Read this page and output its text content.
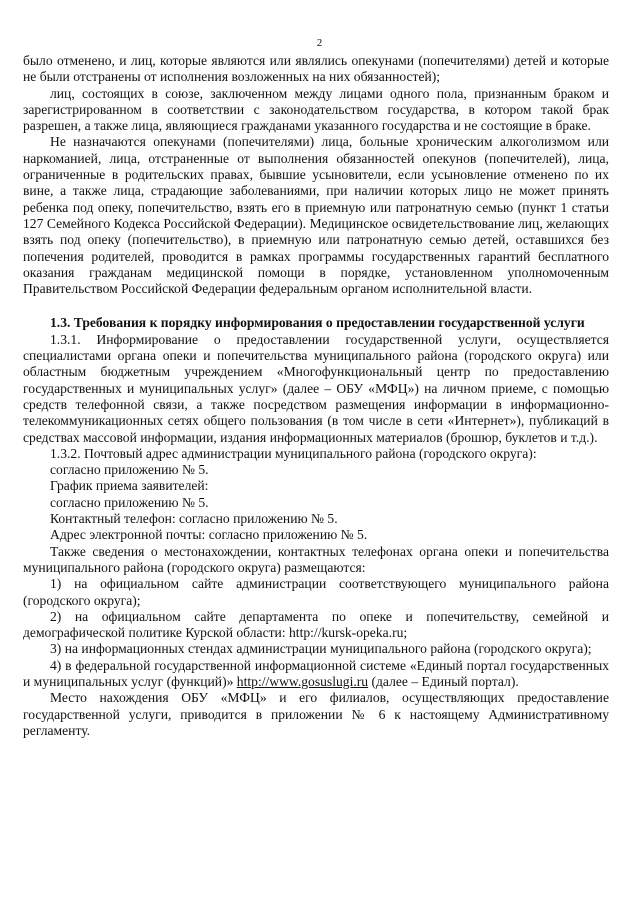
2

было отменено, и лиц, которые являются или являлись опекунами (попечителями) детей и которые не были отстранены от исполнения возложенных на них обязанностей);

лиц, состоящих в союзе, заключенном между лицами одного пола, признанным браком и зарегистрированном в соответствии с законодательством государства, в котором такой брак разрешен, а также лица, являющиеся гражданами указанного государства и не состоящие в браке.

Не назначаются опекунами (попечителями) лица, больные хроническим алкоголизмом или наркоманией, лица, отстраненные от выполнения обязанностей опекунов (попечителей), лица, ограниченные в родительских правах, бывшие усыновители, если усыновление отменено по их вине, а также лица, страдающие заболеваниями, при наличии которых лицо не может принять ребенка под опеку, попечительство, взять его в приемную или патронатную семью (пункт 1 статьи 127 Семейного Кодекса Российской Федерации). Медицинское освидетельствование лиц, желающих взять под опеку (попечительство), в приемную или патронатную семью детей, оставшихся без попечения родителей, проводится в рамках программы государственных гарантий бесплатного оказания гражданам медицинской помощи в порядке, установленном уполномоченным Правительством Российской Федерации федеральным органом исполнительной власти.

1.3. Требования к порядку информирования о предоставлении государственной услуги

1.3.1. Информирование о предоставлении государственной услуги, осуществляется специалистами органа опеки и попечительства муниципального района (городского округа) или областным бюджетным учреждением «Многофункциональный центр по предоставлению государственных и муниципальных услуг» (далее – ОБУ «МФЦ») на личном приеме, с помощью средств телефонной связи, а также посредством размещения информации в информационно-телекоммуникационных сетях общего пользования (в том числе в сети «Интернет»), публикаций в средствах массовой информации, издания информационных материалов (брошюр, буклетов и т.д.).

1.3.2. Почтовый адрес администрации муниципального района (городского округа):

согласно приложению № 5.

График приема заявителей:

согласно приложению № 5.

Контактный телефон: согласно приложению № 5.

Адрес электронной почты: согласно приложению № 5.

Также сведения о местонахождении, контактных телефонах органа опеки и попечительства муниципального района (городского округа) размещаются:

1) на официальном сайте администрации соответствующего муниципального района (городского округа);

2) на официальном сайте департамента по опеке и попечительству, семейной и демографической политике Курской области: http://kursk-opeka.ru;

3) на информационных стендах администрации муниципального района (городского округа);

4) в федеральной государственной информационной системе «Единый портал государственных и муниципальных услуг (функций)» http://www.gosuslugi.ru (далее – Единый портал).

Место нахождения ОБУ «МФЦ» и его филиалов, осуществляющих предоставление государственной услуги, приводится в приложении № 6 к настоящему Административному регламенту.
